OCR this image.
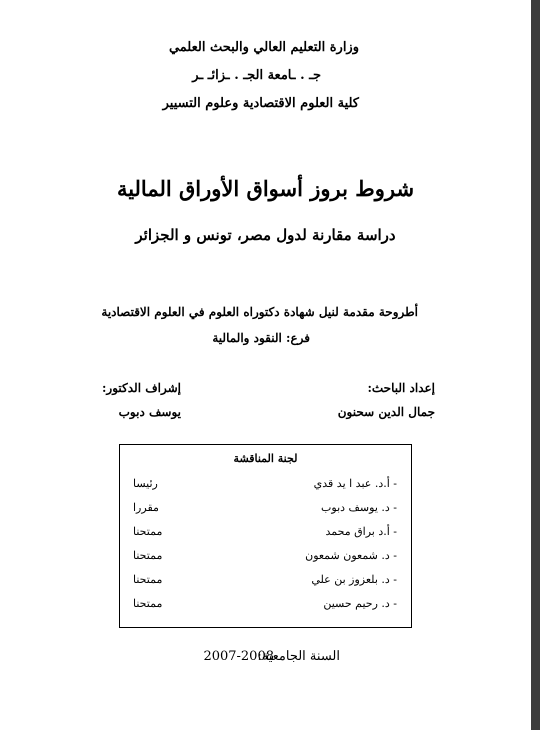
وزارة التعليم العالي والبحث العلمي
جـ . ـامعة الجـ . ـزائـ ـر
كلية العلوم الاقتصادية وعلوم التسيير
شروط بروز أسواق الأوراق المالية
دراسة مقارنة لدول مصر، تونس و الجزائر
أطروحة مقدمة لنيل شهادة دكتوراه العلوم في العلوم الاقتصادية
فرع: النقود والمالية
إعداد الباحث:
جمال الدين سحنون
إشراف الدكتور:
يوسف دبوب
لجنة المناقشة
- أ.د. عبد ا يد قدي
رئيسا
- د. يوسف دبوب
مقررا
- أ.د براق محمد
ممتحنا
- د. شمعون شمعون
ممتحنا
- د. بلعزوز بن علي
ممتحنا
- د. رحيم حسين
ممتحنا
السنة الجامعية:
2007-2008
